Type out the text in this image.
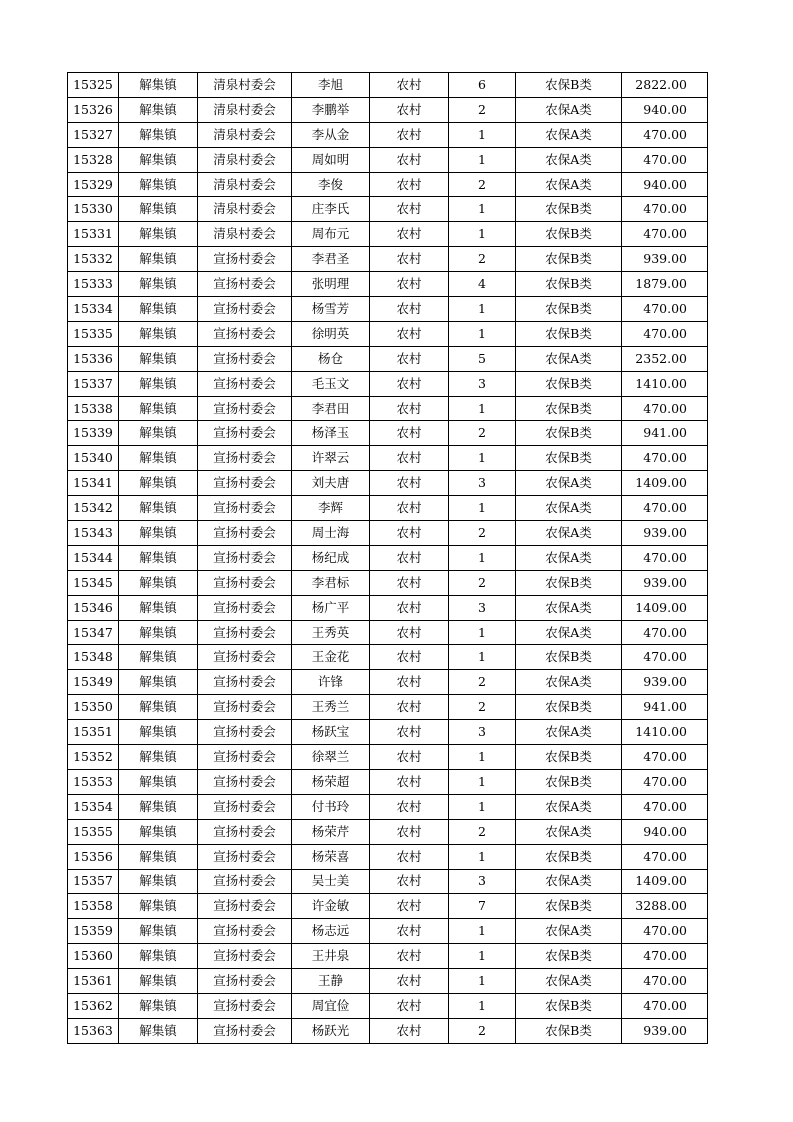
15325	解集镇	清泉村委会	李旭	农村	6	农保B类	2822.00
15326	解集镇	清泉村委会	李鹏举	农村	2	农保A类	940.00
15327	解集镇	清泉村委会	李从金	农村	1	农保A类	470.00
15328	解集镇	清泉村委会	周如明	农村	1	农保A类	470.00
15329	解集镇	清泉村委会	李俊	农村	2	农保A类	940.00
15330	解集镇	清泉村委会	庄李氏	农村	1	农保B类	470.00
15331	解集镇	清泉村委会	周布元	农村	1	农保B类	470.00
15332	解集镇	宣扬村委会	李君圣	农村	2	农保B类	939.00
15333	解集镇	宣扬村委会	张明理	农村	4	农保B类	1879.00
15334	解集镇	宣扬村委会	杨雪芳	农村	1	农保B类	470.00
15335	解集镇	宣扬村委会	徐明英	农村	1	农保B类	470.00
15336	解集镇	宣扬村委会	杨仓	农村	5	农保A类	2352.00
15337	解集镇	宣扬村委会	毛玉文	农村	3	农保B类	1410.00
15338	解集镇	宣扬村委会	李君田	农村	1	农保B类	470.00
15339	解集镇	宣扬村委会	杨泽玉	农村	2	农保B类	941.00
15340	解集镇	宣扬村委会	许翠云	农村	1	农保B类	470.00
15341	解集镇	宣扬村委会	刘夫唐	农村	3	农保A类	1409.00
15342	解集镇	宣扬村委会	李辉	农村	1	农保A类	470.00
15343	解集镇	宣扬村委会	周士海	农村	2	农保A类	939.00
15344	解集镇	宣扬村委会	杨纪成	农村	1	农保A类	470.00
15345	解集镇	宣扬村委会	李君标	农村	2	农保B类	939.00
15346	解集镇	宣扬村委会	杨广平	农村	3	农保A类	1409.00
15347	解集镇	宣扬村委会	王秀英	农村	1	农保A类	470.00
15348	解集镇	宣扬村委会	王金花	农村	1	农保B类	470.00
15349	解集镇	宣扬村委会	许锋	农村	2	农保A类	939.00
15350	解集镇	宣扬村委会	王秀兰	农村	2	农保B类	941.00
15351	解集镇	宣扬村委会	杨跃宝	农村	3	农保A类	1410.00
15352	解集镇	宣扬村委会	徐翠兰	农村	1	农保B类	470.00
15353	解集镇	宣扬村委会	杨荣超	农村	1	农保B类	470.00
15354	解集镇	宣扬村委会	付书玲	农村	1	农保A类	470.00
15355	解集镇	宣扬村委会	杨荣芹	农村	2	农保A类	940.00
15356	解集镇	宣扬村委会	杨荣喜	农村	1	农保B类	470.00
15357	解集镇	宣扬村委会	吴士美	农村	3	农保A类	1409.00
15358	解集镇	宣扬村委会	许金敏	农村	7	农保B类	3288.00
15359	解集镇	宣扬村委会	杨志远	农村	1	农保A类	470.00
15360	解集镇	宣扬村委会	王井泉	农村	1	农保B类	470.00
15361	解集镇	宣扬村委会	王静	农村	1	农保A类	470.00
15362	解集镇	宣扬村委会	周宜俭	农村	1	农保B类	470.00
15363	解集镇	宣扬村委会	杨跃光	农村	2	农保B类	939.00
